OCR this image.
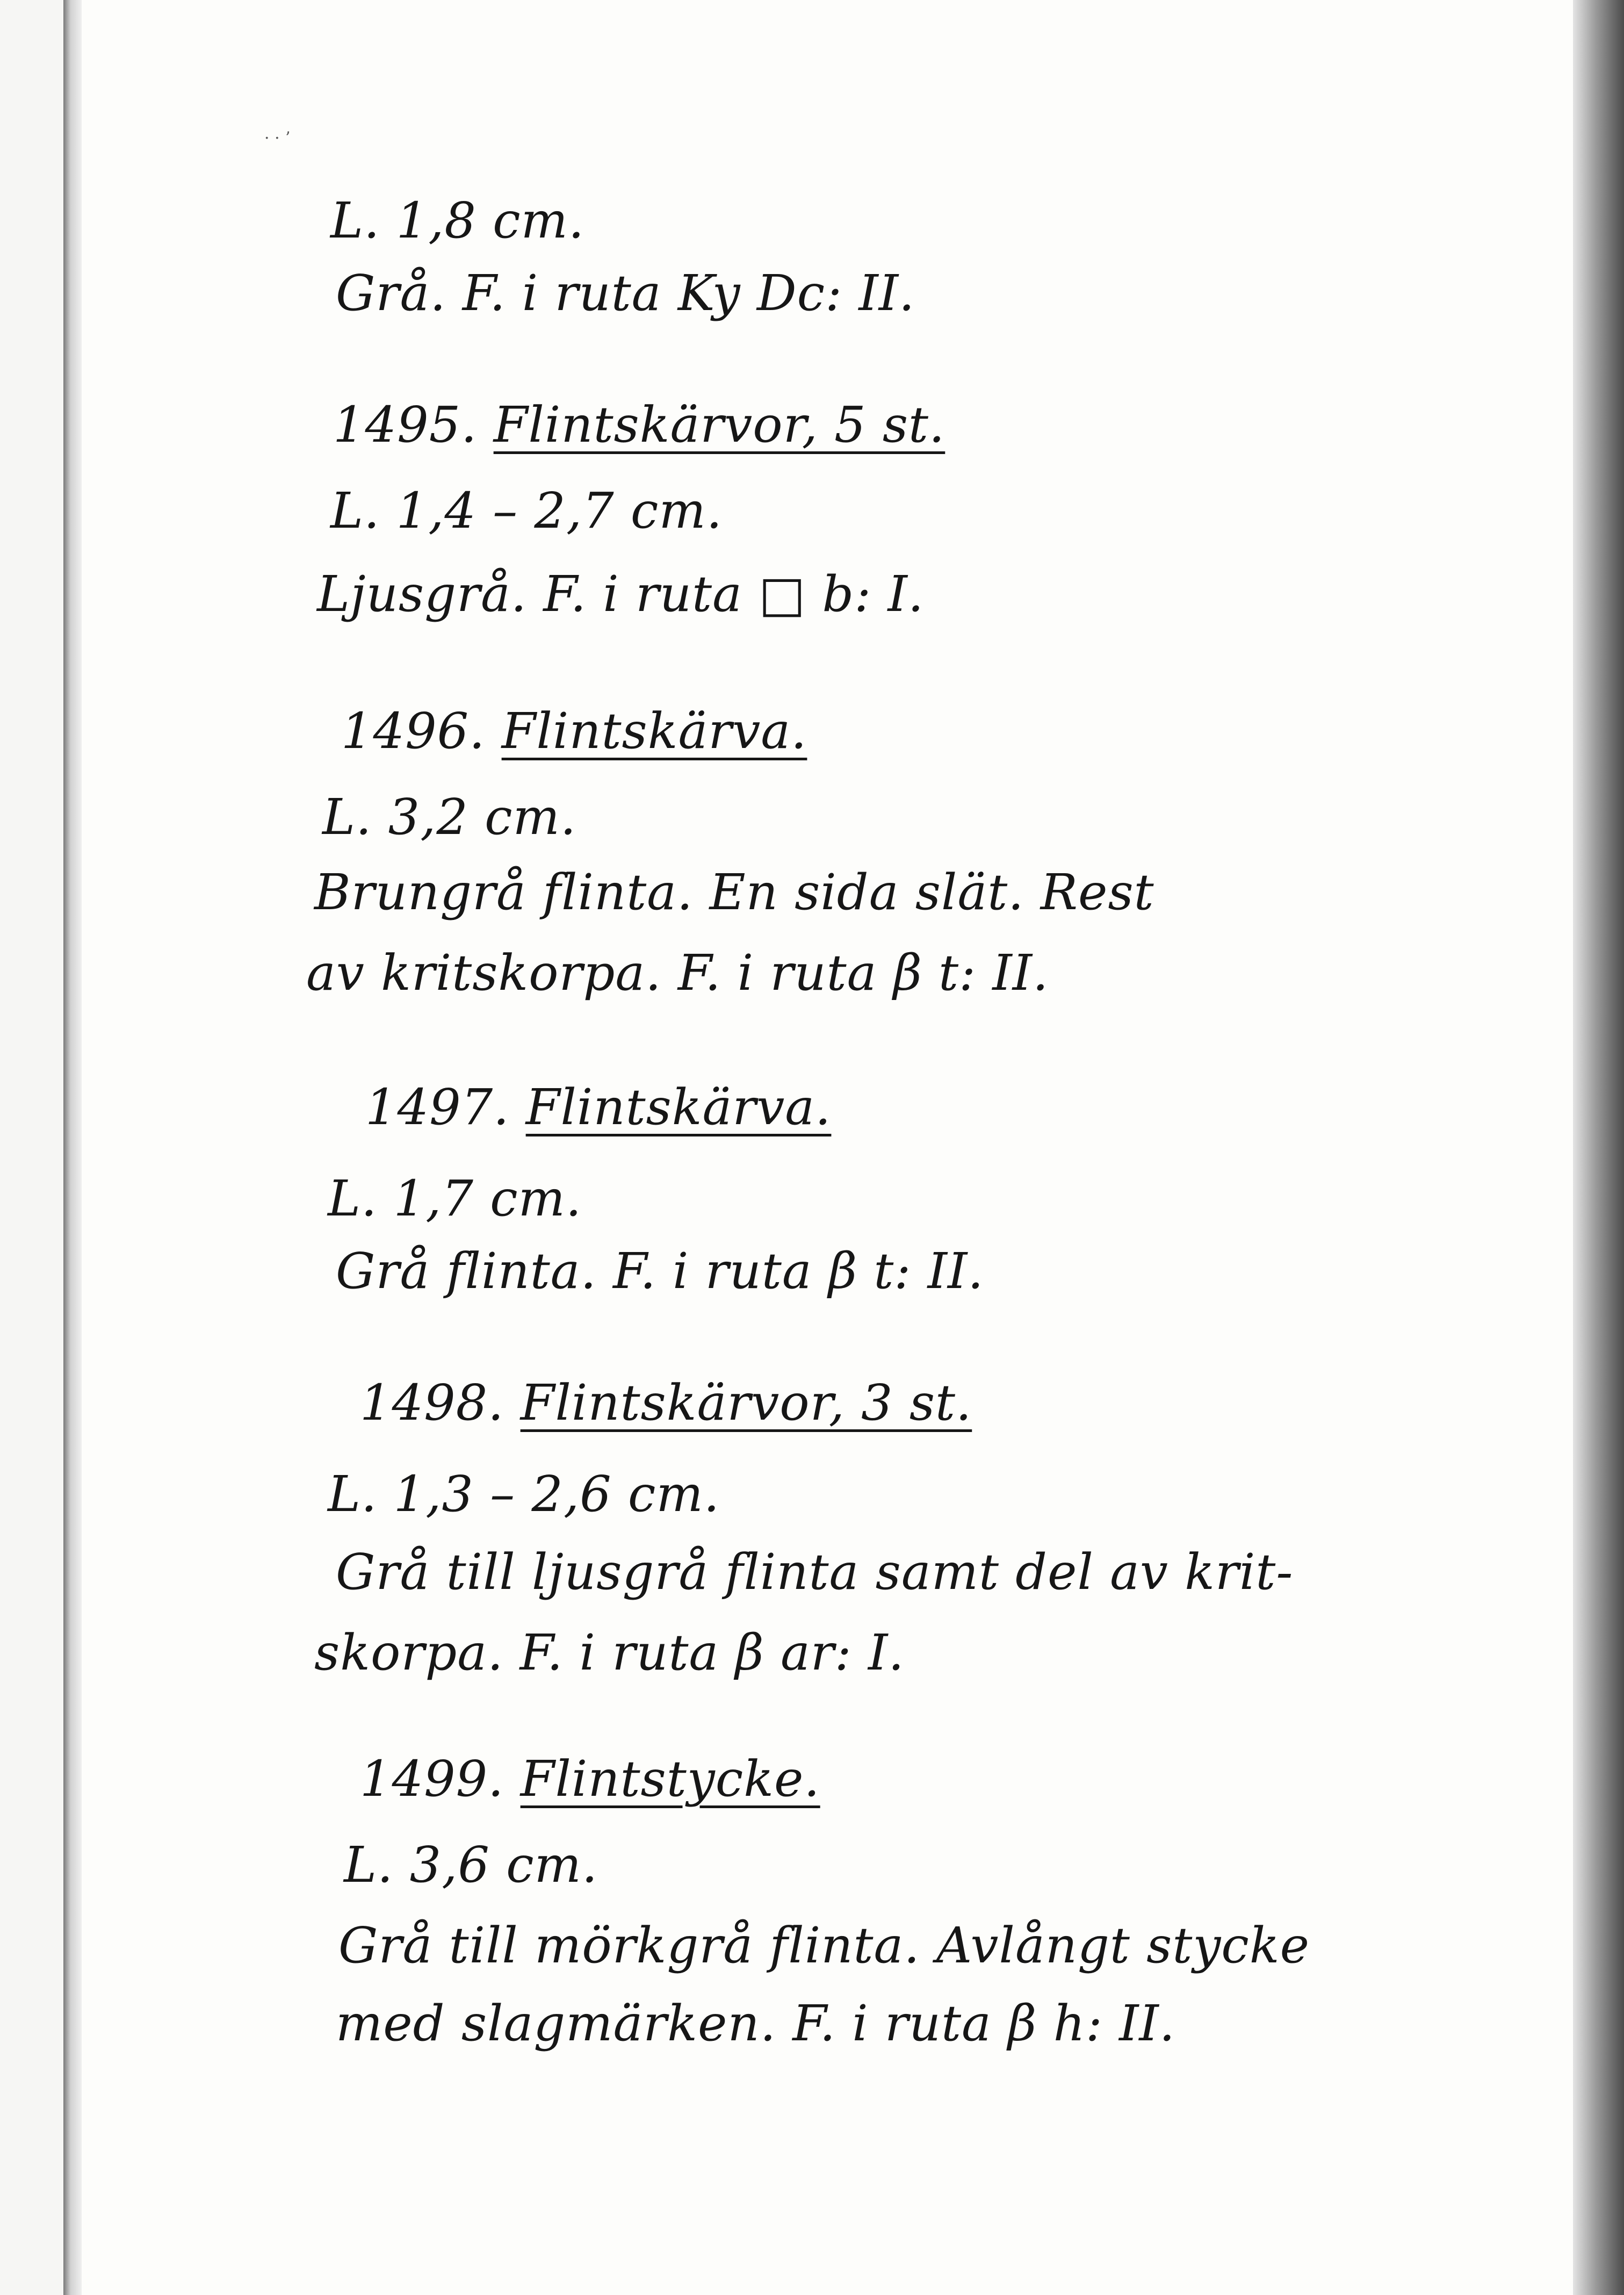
· · ʼ
L. 1,8 cm.
Grå. F. i ruta Ky Dc: II.
1495. Flintskärvor, 5 st.
L. 1,4 – 2,7 cm.
Ljusgrå. F. i ruta □ b: I.
1496. Flintskärva.
L. 3,2 cm.
Brungrå flinta. En sida slät. Rest
av kritskorpa. F. i ruta β t: II.
1497. Flintskärva.
L. 1,7 cm.
Grå flinta. F. i ruta β t: II.
1498. Flintskärvor, 3 st.
L. 1,3 – 2,6 cm.
Grå till ljusgrå flinta samt del av krit-
skorpa. F. i ruta β ar: I.
1499. Flintstycke.
L. 3,6 cm.
Grå till mörkgrå flinta. Avlångt stycke
med slagmärken. F. i ruta β h: II.
